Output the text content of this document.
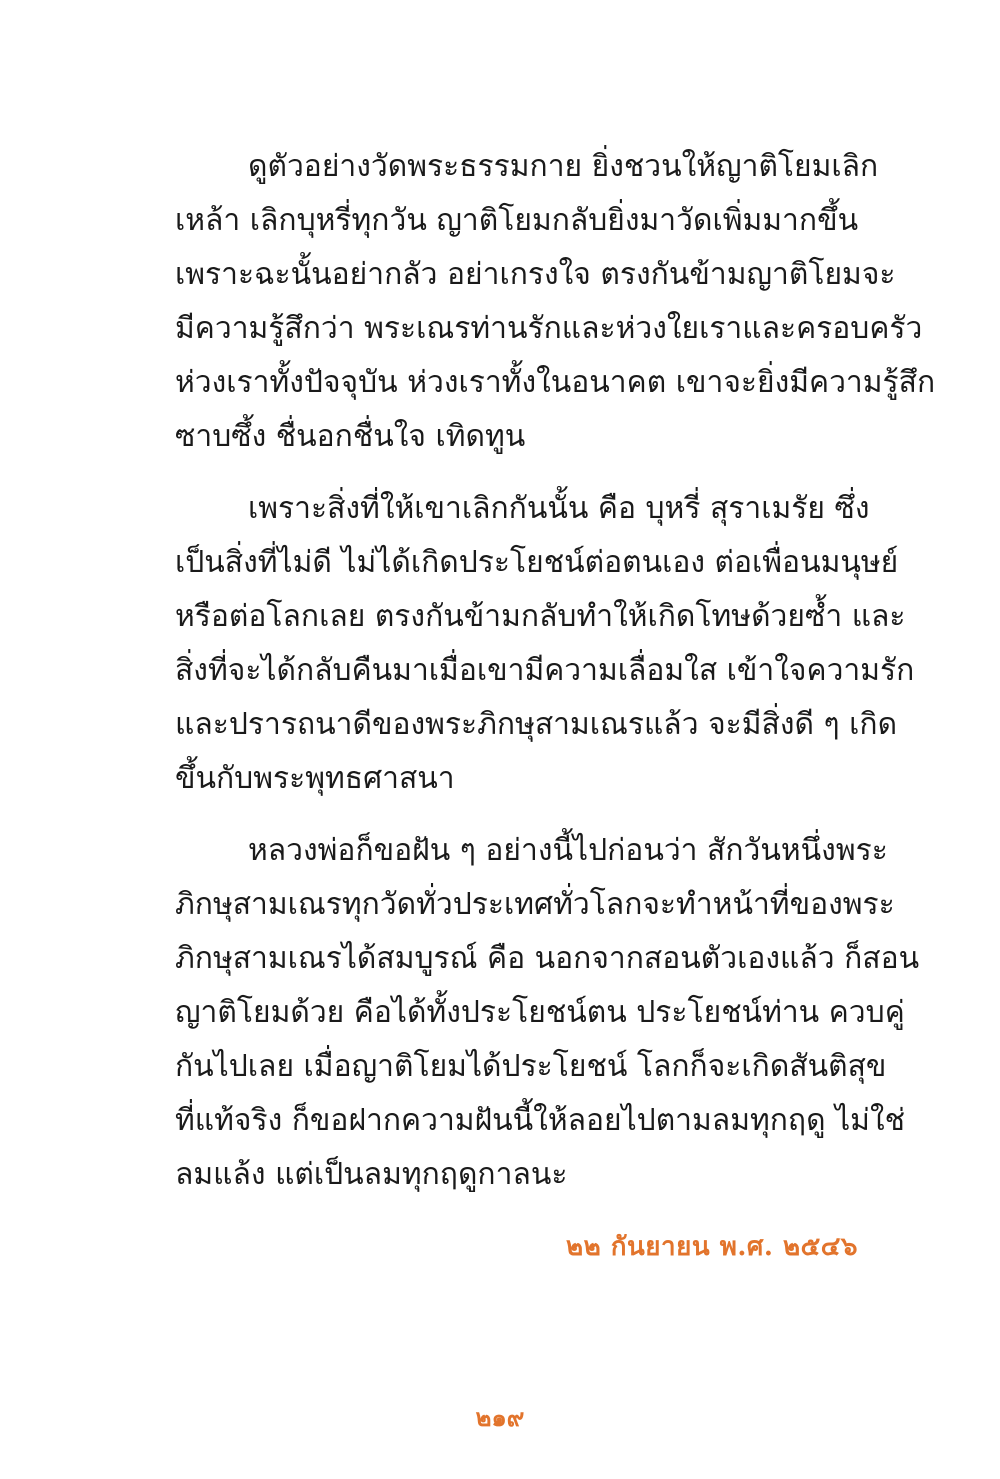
ดูตัวอย่างวัดพระธรรมกาย ยิ่งชวนให้ญาติโยมเลิก
เหล้า เลิกบุหรี่ทุกวัน ญาติโยมกลับยิ่งมาวัดเพิ่มมากขึ้น
เพราะฉะนั้นอย่ากลัว อย่าเกรงใจ ตรงกันข้ามญาติโยมจะ
มีความรู้สึกว่า พระเณรท่านรักและห่วงใยเราและครอบครัว
ห่วงเราทั้งปัจจุบัน ห่วงเราทั้งในอนาคต เขาจะยิ่งมีความรู้สึก
ซาบซึ้ง ชื่นอกชื่นใจ เทิดทูน
เพราะสิ่งที่ให้เขาเลิกกันนั้น คือ บุหรี่ สุราเมรัย ซึ่ง
เป็นสิ่งที่ไม่ดี ไม่ได้เกิดประโยชน์ต่อตนเอง ต่อเพื่อนมนุษย์
หรือต่อโลกเลย ตรงกันข้ามกลับทำให้เกิดโทษด้วยซ้ำ และ
สิ่งที่จะได้กลับคืนมาเมื่อเขามีความเลื่อมใส เข้าใจความรัก
และปรารถนาดีของพระภิกษุสามเณรแล้ว จะมีสิ่งดี ๆ เกิด
ขึ้นกับพระพุทธศาสนา
หลวงพ่อก็ขอฝัน ๆ อย่างนี้ไปก่อนว่า สักวันหนึ่งพระ
ภิกษุสามเณรทุกวัดทั่วประเทศทั่วโลกจะทำหน้าที่ของพระ
ภิกษุสามเณรได้สมบูรณ์ คือ นอกจากสอนตัวเองแล้ว ก็สอน
ญาติโยมด้วย คือได้ทั้งประโยชน์ตน ประโยชน์ท่าน ควบคู่
กันไปเลย เมื่อญาติโยมได้ประโยชน์ โลกก็จะเกิดสันติสุข
ที่แท้จริง ก็ขอฝากความฝันนี้ให้ลอยไปตามลมทุกฤดู ไม่ใช่
ลมแล้ง แต่เป็นลมทุกฤดูกาลนะ
๒๒ กันยายน พ.ศ. ๒๕๔๖
๒๑๙
